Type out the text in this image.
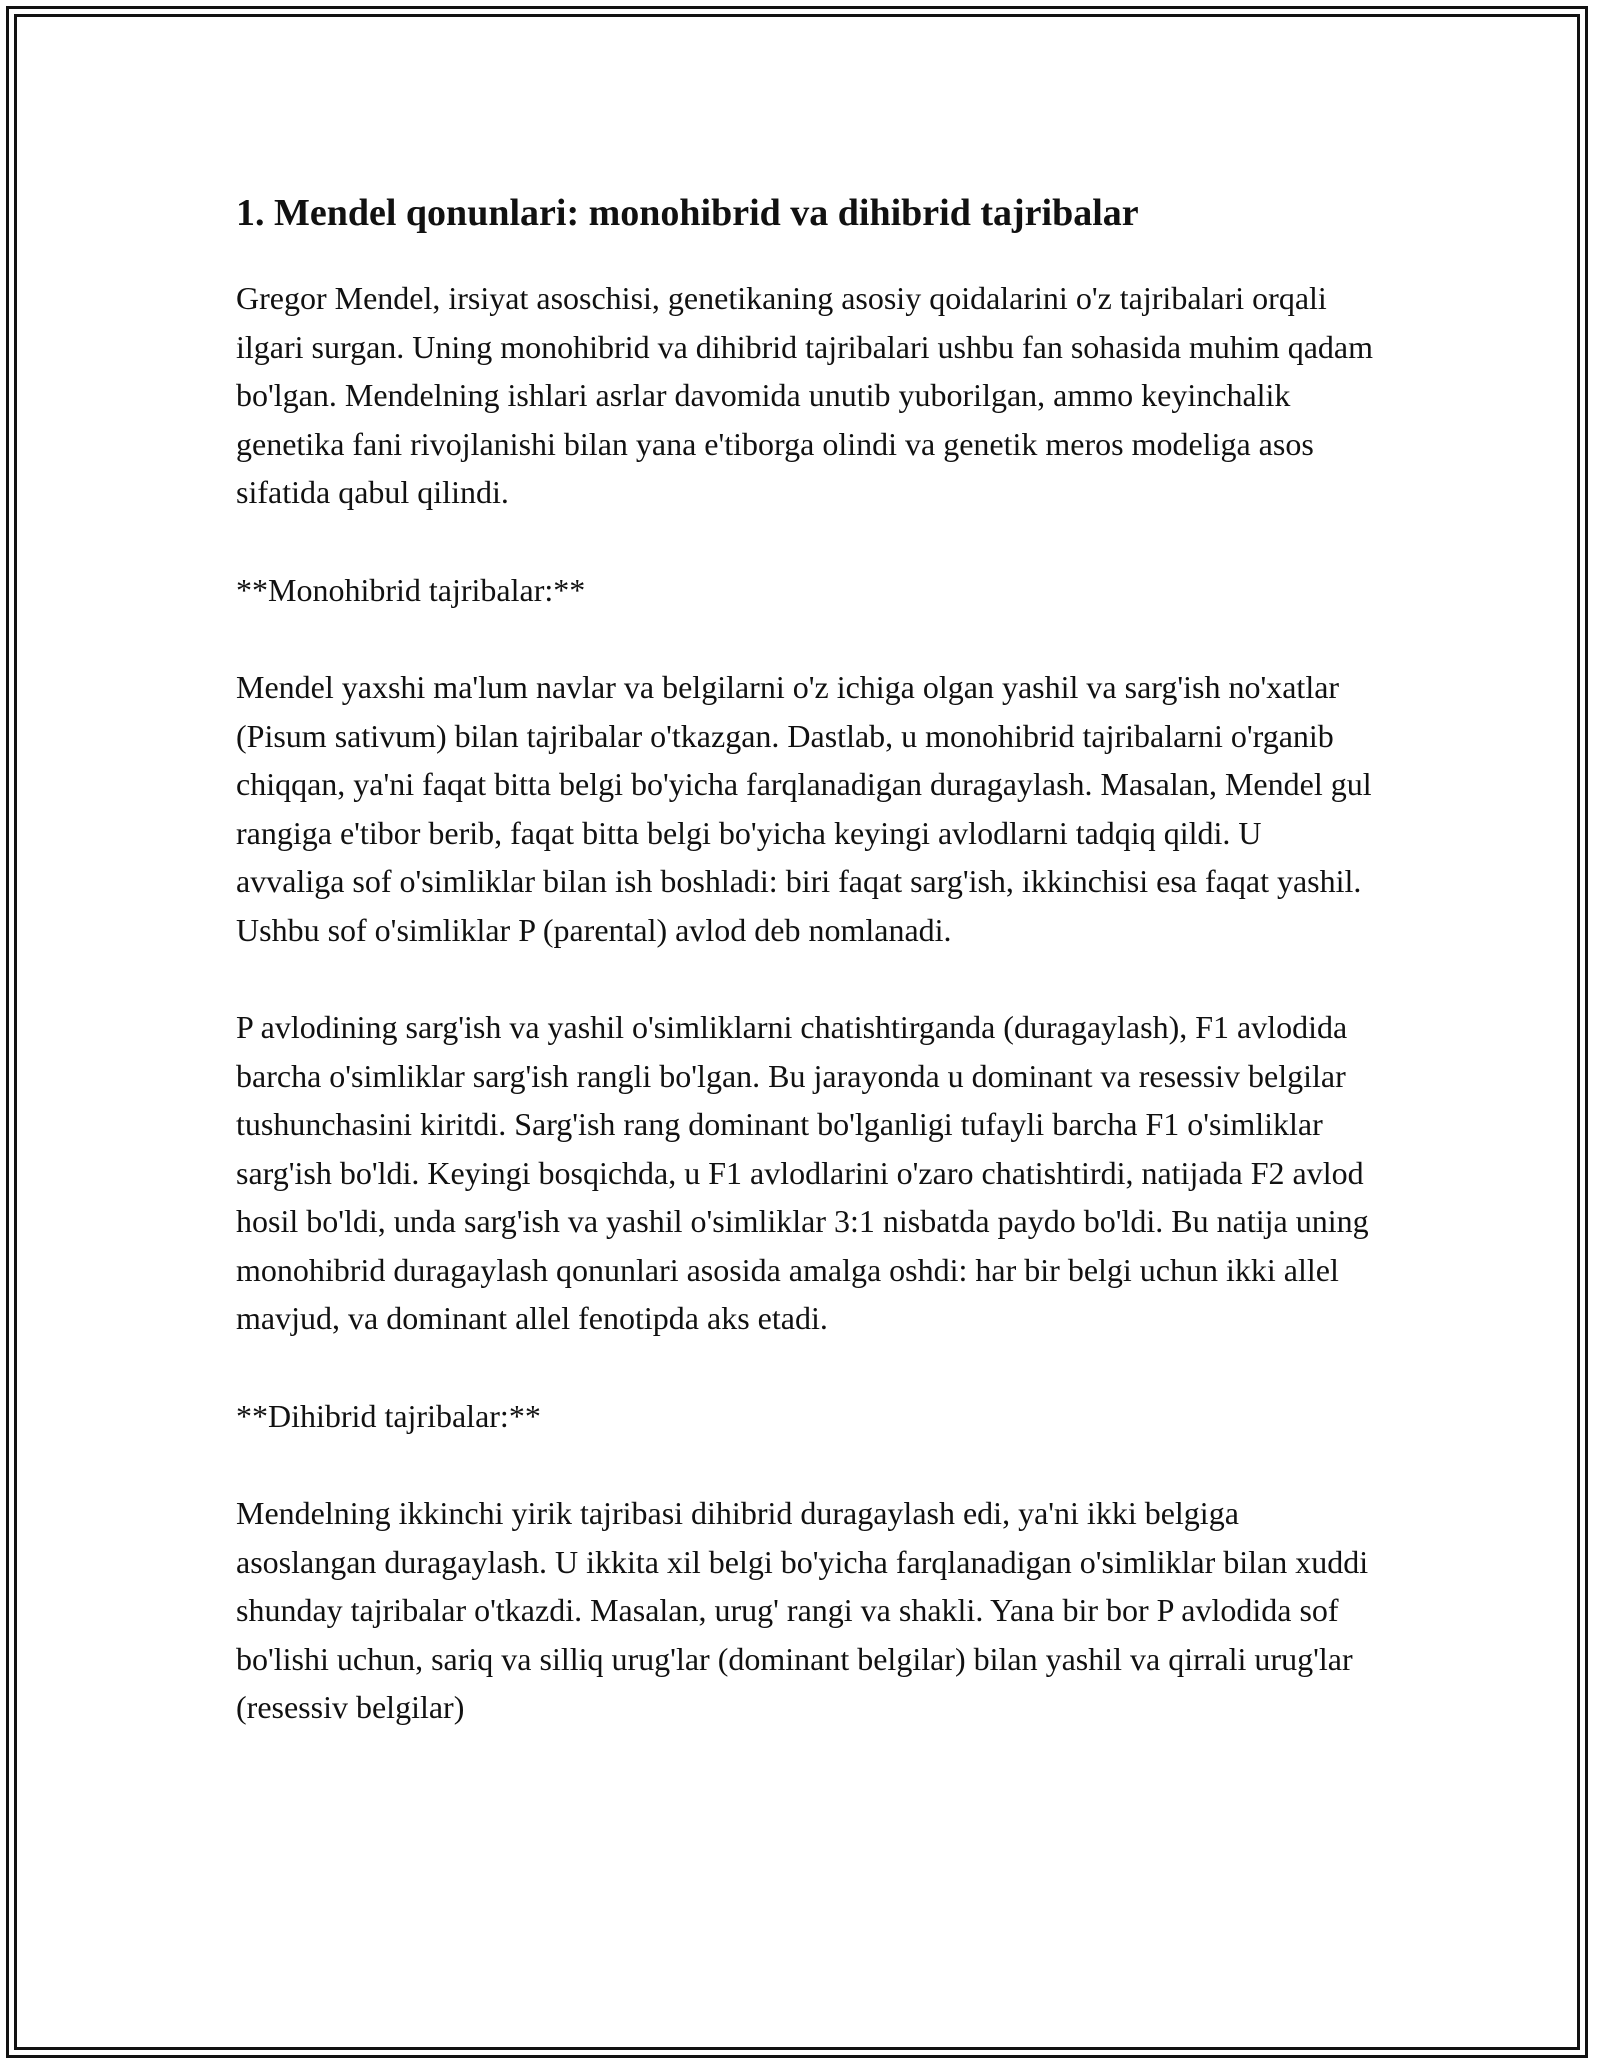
1. Mendel qonunlari: monohibrid va dihibrid tajribalar

Gregor Mendel, irsiyat asoschisi, genetikaning asosiy qoidalarini o'z tajribalari orqali ilgari surgan. Uning monohibrid va dihibrid tajribalari ushbu fan sohasida muhim qadam bo'lgan. Mendelning ishlari asrlar davomida unutib yuborilgan, ammo keyinchalik genetika fani rivojlanishi bilan yana e'tiborga olindi va genetik meros modeliga asos sifatida qabul qilindi.

**Monohibrid tajribalar:**

Mendel yaxshi ma'lum navlar va belgilarni o'z ichiga olgan yashil va sarg'ish no'xatlar (Pisum sativum) bilan tajribalar o'tkazgan. Dastlab, u monohibrid tajribalarni o'rganib chiqqan, ya'ni faqat bitta belgi bo'yicha farqlanadigan duragaylash. Masalan, Mendel gul rangiga e'tibor berib, faqat bitta belgi bo'yicha keyingi avlodlarni tadqiq qildi. U avvaliga sof o'simliklar bilan ish boshladi: biri faqat sarg'ish, ikkinchisi esa faqat yashil. Ushbu sof o'simliklar P (parental) avlod deb nomlanadi.

P avlodining sarg'ish va yashil o'simliklarni chatishtirganda (duragaylash), F1 avlodida barcha o'simliklar sarg'ish rangli bo'lgan. Bu jarayonda u dominant va resessiv belgilar tushunchasini kiritdi. Sarg'ish rang dominant bo'lganligi tufayli barcha F1 o'simliklar sarg'ish bo'ldi. Keyingi bosqichda, u F1 avlodlarini o'zaro chatishtirdi, natijada F2 avlod hosil bo'ldi, unda sarg'ish va yashil o'simliklar 3:1 nisbatda paydo bo'ldi. Bu natija uning monohibrid duragaylash qonunlari asosida amalga oshdi: har bir belgi uchun ikki allel mavjud, va dominant allel fenotipda aks etadi.

**Dihibrid tajribalar:**

Mendelning ikkinchi yirik tajribasi dihibrid duragaylash edi, ya'ni ikki belgiga asoslangan duragaylash. U ikkita xil belgi bo'yicha farqlanadigan o'simliklar bilan xuddi shunday tajribalar o'tkazdi. Masalan, urug' rangi va shakli. Yana bir bor P avlodida sof bo'lishi uchun, sariq va silliq urug'lar (dominant belgilar) bilan yashil va qirrali urug'lar (resessiv belgilar)
